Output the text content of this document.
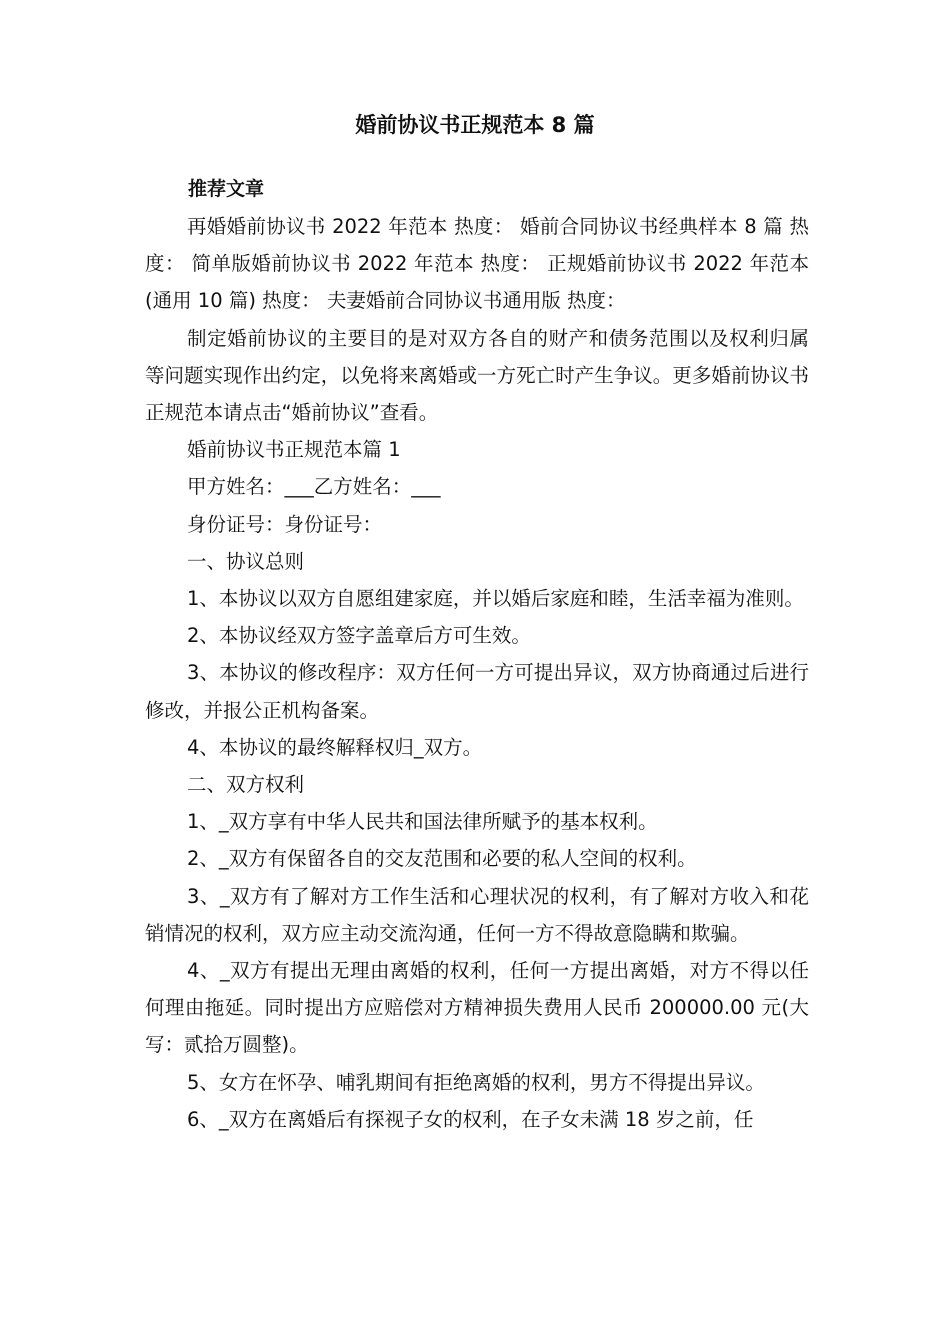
婚前协议书正规范本 8 篇
推荐文章

再婚婚前协议书 2022 年范本 热度： 婚前合同协议书经典样本 8 篇 热度： 简单版婚前协议书 2022 年范本 热度： 正规婚前协议书 2022 年范本(通用 10 篇) 热度： 夫妻婚前合同协议书通用版 热度：

制定婚前协议的主要目的是对双方各自的财产和债务范围以及权利归属等问题实现作出约定，以免将来离婚或一方死亡时产生争议。更多婚前协议书正规范本请点击“婚前协议”查看。

婚前协议书正规范本篇 1

甲方姓名：___乙方姓名：___

身份证号：身份证号：

一、协议总则

1、本协议以双方自愿组建家庭，并以婚后家庭和睦，生活幸福为准则。

2、本协议经双方签字盖章后方可生效。

3、本协议的修改程序：双方任何一方可提出异议，双方协商通过后进行修改，并报公正机构备案。

4、本协议的最终解释权归_双方。

二、双方权利

1、_双方享有中华人民共和国法律所赋予的基本权利。

2、_双方有保留各自的交友范围和必要的私人空间的权利。

3、_双方有了解对方工作生活和心理状况的权利，有了解对方收入和花销情况的权利，双方应主动交流沟通，任何一方不得故意隐瞒和欺骗。

4、_双方有提出无理由离婚的权利，任何一方提出离婚，对方不得以任何理由拖延。同时提出方应赔偿对方精神损失费用人民币 200000.00 元(大写：贰拾万圆整)。

5、女方在怀孕、哺乳期间有拒绝离婚的权利，男方不得提出异议。

6、_双方在离婚后有探视子女的权利，在子女未满 18 岁之前，任
